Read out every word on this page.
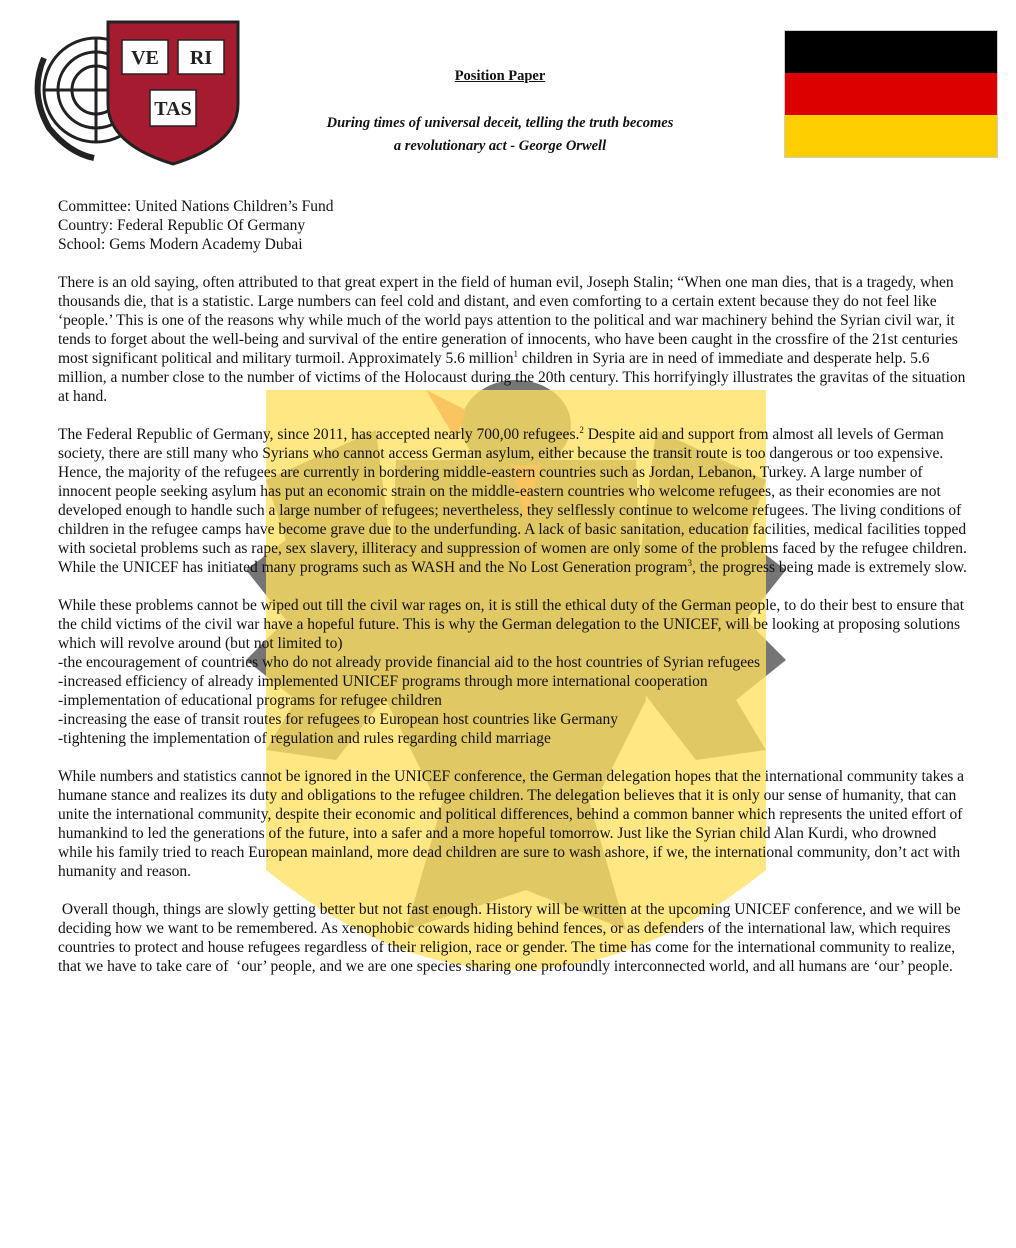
VE RI
TAS
Position Paper
During times of universal deceit, telling the truth becomes
a revolutionary act - George Orwell
Committee: United Nations Children’s Fund
Country: Federal Republic Of Germany
School: Gems Modern Academy Dubai

There is an old saying, often attributed to that great expert in the field of human evil, Joseph Stalin; “When one man dies, that is a tragedy, when thousands die, that is a statistic. Large numbers can feel cold and distant, and even comforting to a certain extent because they do not feel like ‘people.’ This is one of the reasons why while much of the world pays attention to the political and war machinery behind the Syrian civil war, it tends to forget about the well-being and survival of the entire generation of innocents, who have been caught in the crossfire of the 21st centuries most significant political and military turmoil. Approximately 5.6 million$^1$ children in Syria are in need of immediate and desperate help. 5.6 million, a number close to the number of victims of the Holocaust during the 20th century. This horrifyingly illustrates the gravitas of the situation at hand.

The Federal Republic of Germany, since 2011, has accepted nearly 700,00 refugees.$^2$ Despite aid and support from almost all levels of German society, there are still many who Syrians who cannot access German asylum, either because the transit route is too dangerous or too expensive. Hence, the majority of the refugees are currently in bordering middle-eastern countries such as Jordan, Lebanon, Turkey. A large number of innocent people seeking asylum has put an economic strain on the middle-eastern countries who welcome refugees, as their economies are not developed enough to handle such a large number of refugees; nevertheless, they selflessly continue to welcome refugees. The living conditions of children in the refugee camps have become grave due to the underfunding. A lack of basic sanitation, education facilities, medical facilities topped with societal problems such as rape, sex slavery, illiteracy and suppression of women are only some of the problems faced by the refugee children. While the UNICEF has initiated many programs such as WASH and the No Lost Generation program$^3$, the progress being made is extremely slow.

While these problems cannot be wiped out till the civil war rages on, it is still the ethical duty of the German people, to do their best to ensure that the child victims of the civil war have a hopeful future. This is why the German delegation to the UNICEF, will be looking at proposing solutions which will revolve around (but not limited to)

-the encouragement of countries who do not already provide financial aid to the host countries of Syrian refugees
-increased efficiency of already implemented UNICEF programs through more international cooperation
-implementation of educational programs for refugee children
-increasing the ease of transit routes for refugees to European host countries like Germany
-tightening the implementation of regulation and rules regarding child marriage

While numbers and statistics cannot be ignored in the UNICEF conference, the German delegation hopes that the international community takes a humane stance and realizes its duty and obligations to the refugee children. The delegation believes that it is only our sense of humanity, that can unite the international community, despite their economic and political differences, behind a common banner which represents the united effort of humankind to led the generations of the future, into a safer and a more hopeful tomorrow. Just like the Syrian child Alan Kurdi, who drowned while his family tried to reach European mainland, more dead children are sure to wash ashore, if we, the international community, don’t act with humanity and reason.

Overall though, things are slowly getting better but not fast enough. History will be written at the upcoming UNICEF conference, and we will be deciding how we want to be remembered. As xenophobic cowards hiding behind fences, or as defenders of the international law, which requires countries to protect and house refugees regardless of their religion, race or gender. The time has come for the international community to realize, that we have to take care of  ‘our’ people, and we are one species sharing one profoundly interconnected world, and all humans are ‘our’ people.
